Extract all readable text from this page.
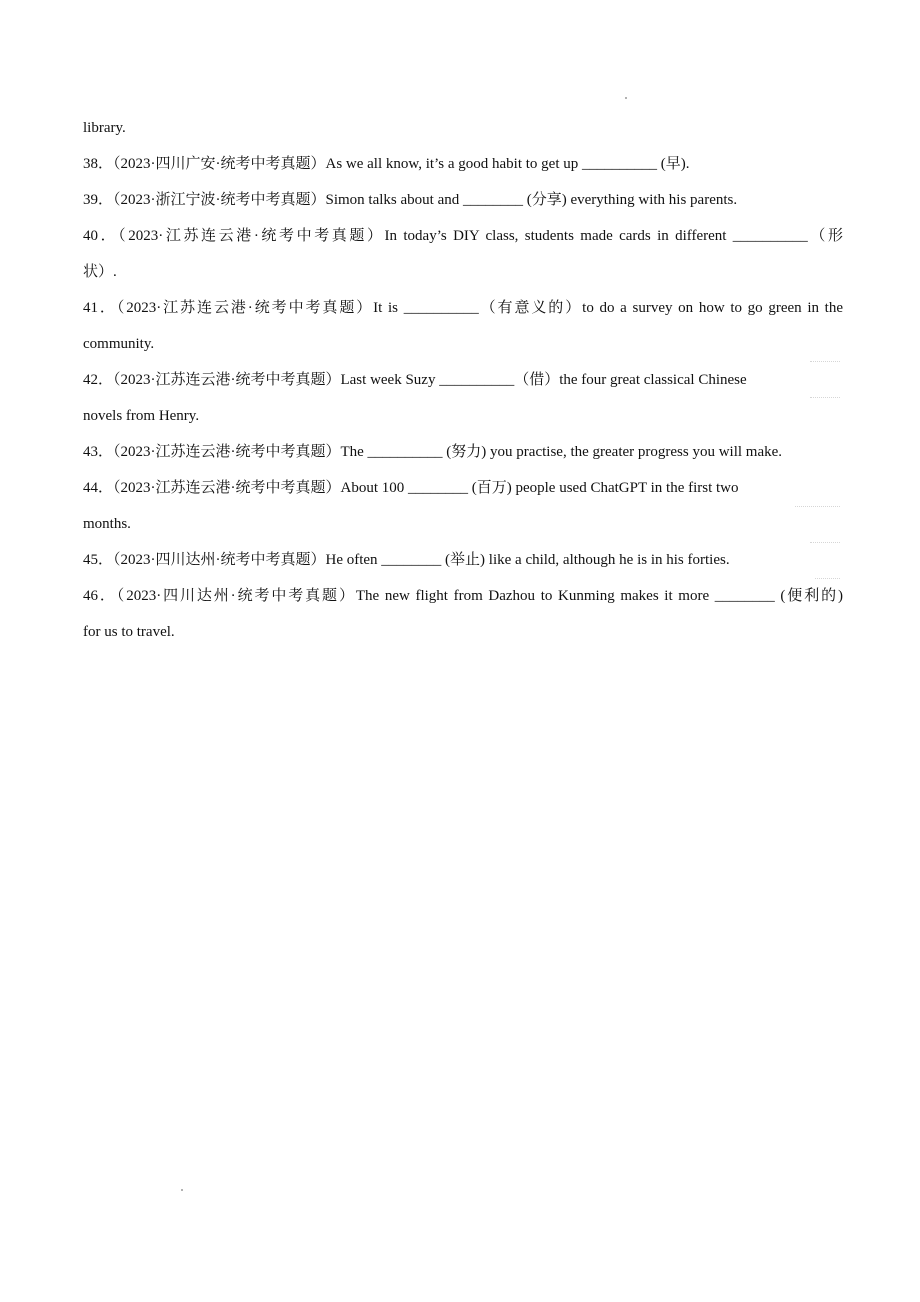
library.
38．（2023·四川广安·统考中考真题）As we all know, it’s a good habit to get up __________ (早).
39．（2023·浙江宁波·统考中考真题）Simon talks about and ________ (分享) everything with his parents.
40．（2023·江苏连云港·统考中考真题）In today’s DIY class, students made cards in different __________（形
状）.
41．（2023·江苏连云港·统考中考真题）It is __________（有意义的）to do a survey on how to go green in the
community.
42．（2023·江苏连云港·统考中考真题）Last week Suzy __________（借）the four great classical Chinese
novels from Henry.
43．（2023·江苏连云港·统考中考真题）The __________ (努力) you practise, the greater progress you will make.
44．（2023·江苏连云港·统考中考真题）About 100 ________ (百万) people used ChatGPT in the first two
months.
45．（2023·四川达州·统考中考真题）He often ________ (举止) like a child, although he is in his forties.
46．（2023·四川达州·统考中考真题）The new flight from Dazhou to Kunming makes it more ________ (便利的)
for us to travel.
